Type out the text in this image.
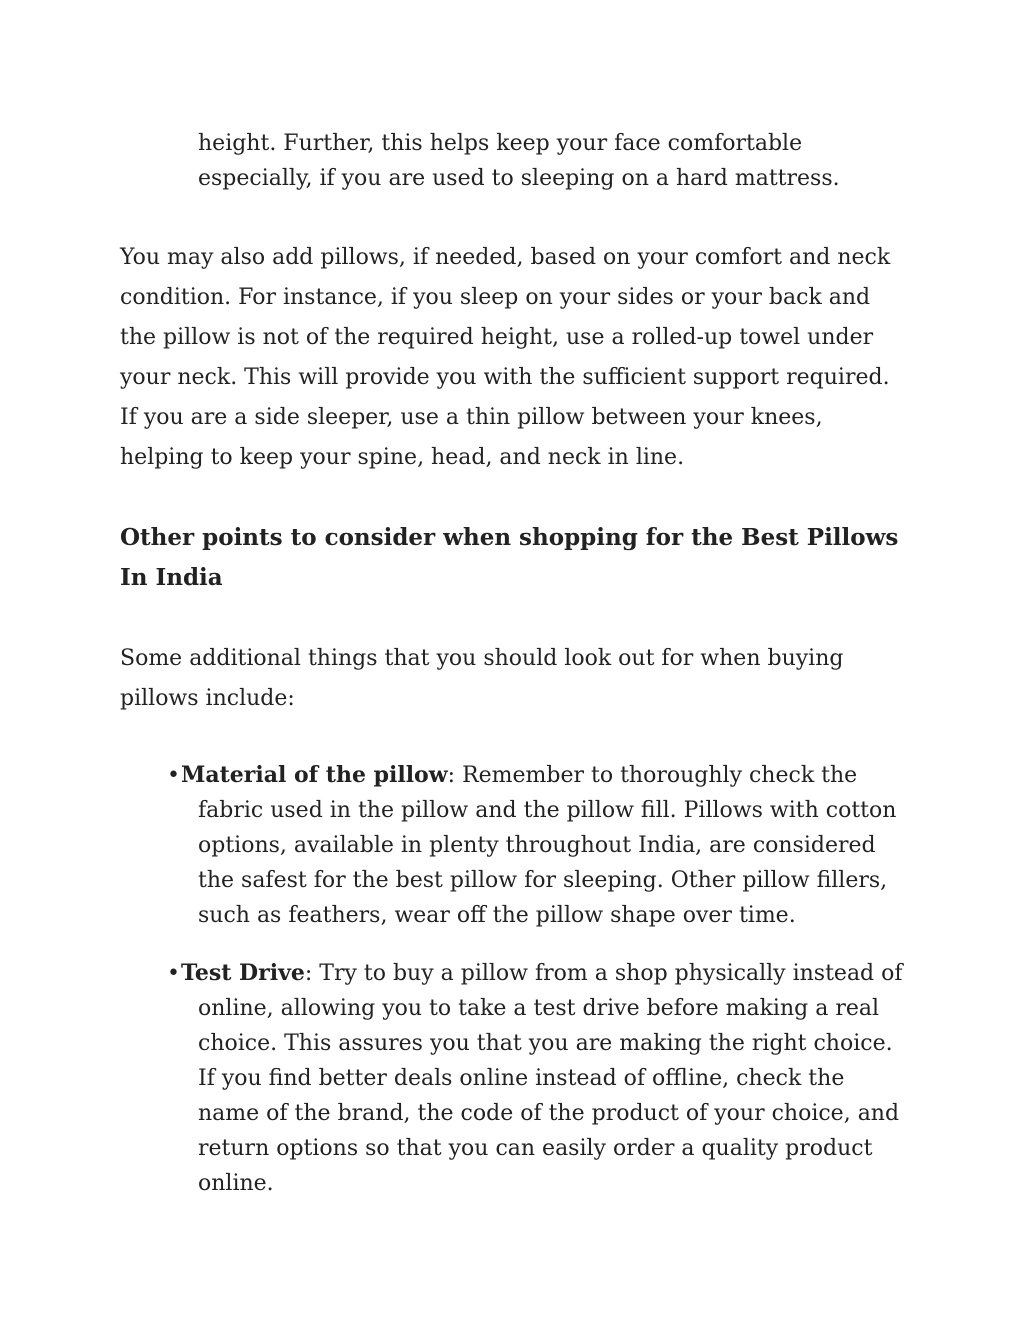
height. Further, this helps keep your face comfortable especially, if you are used to sleeping on a hard mattress.

You may also add pillows, if needed, based on your comfort and neck condition. For instance, if you sleep on your sides or your back and the pillow is not of the required height, use a rolled-up towel under your neck. This will provide you with the sufficient support required. If you are a side sleeper, use a thin pillow between your knees, helping to keep your spine, head, and neck in line.

Other points to consider when shopping for the Best Pillows In India

Some additional things that you should look out for when buying pillows include:

• Material of the pillow: Remember to thoroughly check the fabric used in the pillow and the pillow fill. Pillows with cotton options, available in plenty throughout India, are considered the safest for the best pillow for sleeping. Other pillow fillers, such as feathers, wear off the pillow shape over time.
• Test Drive: Try to buy a pillow from a shop physically instead of online, allowing you to take a test drive before making a real choice. This assures you that you are making the right choice. If you find better deals online instead of offline, check the name of the brand, the code of the product of your choice, and return options so that you can easily order a quality product online.
